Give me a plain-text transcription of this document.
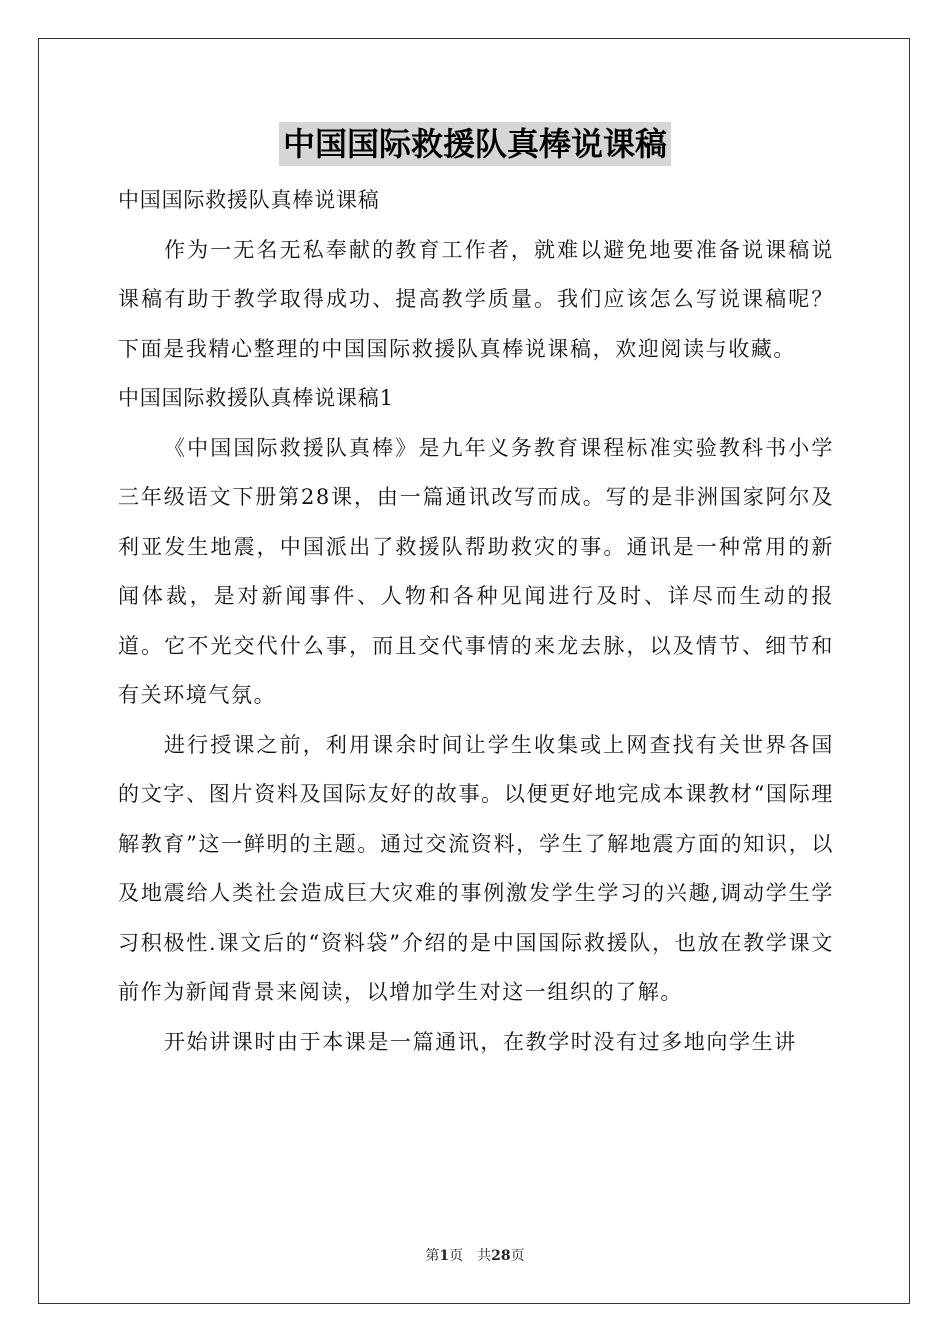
中国国际救援队真棒说课稿

中国国际救援队真棒说课稿

作为一无名无私奉献的教育工作者，就难以避免地要准备说课稿说课稿有助于教学取得成功、提高教学质量。我们应该怎么写说课稿呢？下面是我精心整理的中国国际救援队真棒说课稿，欢迎阅读与收藏。

中国国际救援队真棒说课稿1

《中国国际救援队真棒》是九年义务教育课程标准实验教科书小学三年级语文下册第28课，由一篇通讯改写而成。写的是非洲国家阿尔及利亚发生地震，中国派出了救援队帮助救灾的事。通讯是一种常用的新闻体裁，是对新闻事件、人物和各种见闻进行及时、详尽而生动的报道。它不光交代什么事，而且交代事情的来龙去脉，以及情节、细节和有关环境气氛。

进行授课之前，利用课余时间让学生收集或上网查找有关世界各国的文字、图片资料及国际友好的故事。以便更好地完成本课教材“国际理解教育”这一鲜明的主题。通过交流资料，学生了解地震方面的知识，以及地震给人类社会造成巨大灾难的事例激发学生学习的兴趣,调动学生学习积极性.课文后的“资料袋”介绍的是中国国际救援队，也放在教学课文前作为新闻背景来阅读，以增加学生对这一组织的了解。

开始讲课时由于本课是一篇通讯，在教学时没有过多地向学生讲

第1页 共28页
